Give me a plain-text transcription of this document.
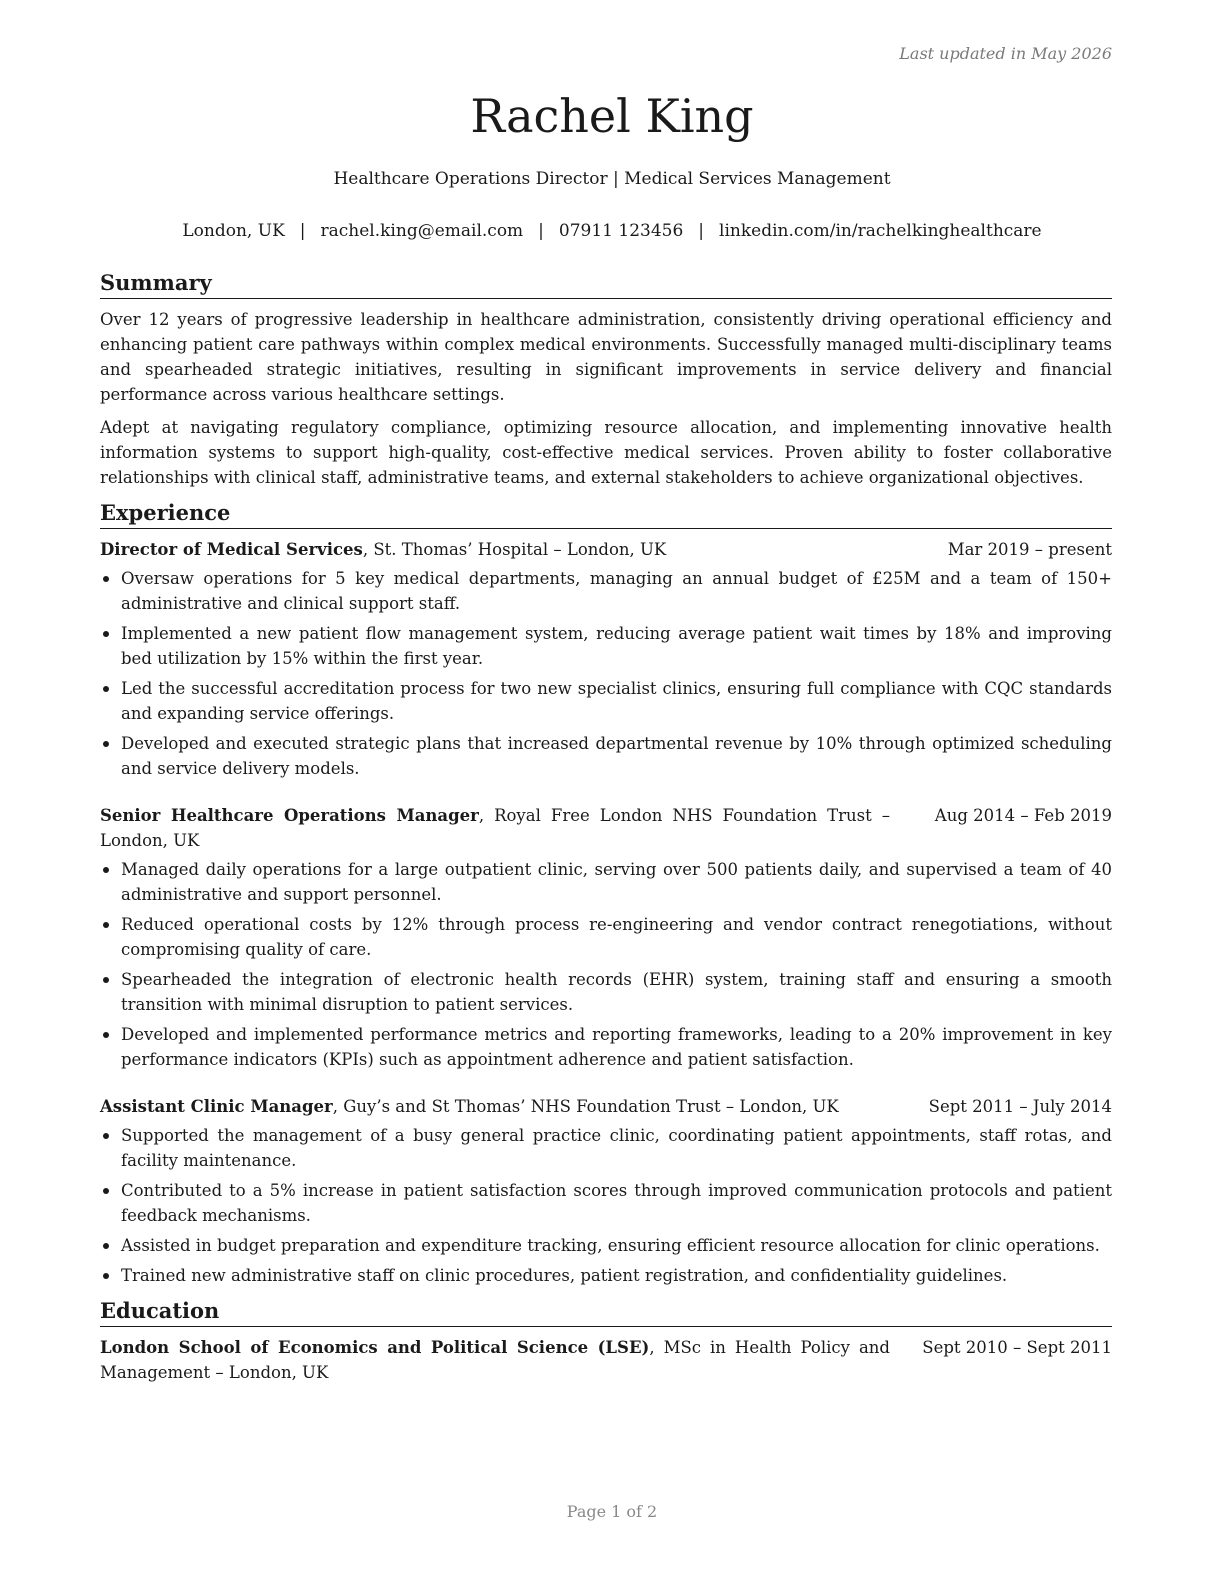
Last updated in May 2026
Rachel King
Healthcare Operations Director | Medical Services Management
London, UK | rachel.king@email.com | 07911 123456 | linkedin.com/in/rachelkinghealthcare
Summary

Over 12 years of progressive leadership in healthcare administration, consistently driving operational efficiency and enhancing patient care pathways within complex medical environments. Successfully managed multi-disciplinary teams and spearheaded strategic initiatives, resulting in significant improvements in service delivery and financial performance across various healthcare settings.

Adept at navigating regulatory compliance, optimizing resource allocation, and implementing innovative health information systems to support high-quality, cost-effective medical services. Proven ability to foster collaborative relationships with clinical staff, administrative teams, and external stakeholders to achieve organizational objectives.

Experience
Director of Medical Services, St. Thomas’ Hospital – London, UK	Mar 2019 – present
Oversaw operations for 5 key medical departments, managing an annual budget of £25M and a team of 150+ administrative and clinical support staff.
Implemented a new patient flow management system, reducing average patient wait times by 18% and improving bed utilization by 15% within the first year.
Led the successful accreditation process for two new specialist clinics, ensuring full compliance with CQC standards and expanding service offerings.
Developed and executed strategic plans that increased departmental revenue by 10% through optimized scheduling and service delivery models.
Senior Healthcare Operations Manager, Royal Free London NHS Foundation Trust – London, UK
Aug 2014 – Feb 2019
Managed daily operations for a large outpatient clinic, serving over 500 patients daily, and supervised a team of 40 administrative and support personnel.
Reduced operational costs by 12% through process re-engineering and vendor contract renegotiations, without compromising quality of care.
Spearheaded the integration of electronic health records (EHR) system, training staff and ensuring a smooth transition with minimal disruption to patient services.
Developed and implemented performance metrics and reporting frameworks, leading to a 20% improvement in key performance indicators (KPIs) such as appointment adherence and patient satisfaction.
Assistant Clinic Manager, Guy’s and St Thomas’ NHS Foundation Trust – London, UK	Sept 2011 – July 2014
Supported the management of a busy general practice clinic, coordinating patient appointments, staff rotas, and facility maintenance.
Contributed to a 5% increase in patient satisfaction scores through improved communication protocols and patient feedback mechanisms.
Assisted in budget preparation and expenditure tracking, ensuring efficient resource allocation for clinic operations.
Trained new administrative staff on clinic procedures, patient registration, and confidentiality guidelines.
Education
London School of Economics and Political Science (LSE), MSc in Health Policy and Management – London, UK
Sept 2010 – Sept 2011
Page 1 of 2
